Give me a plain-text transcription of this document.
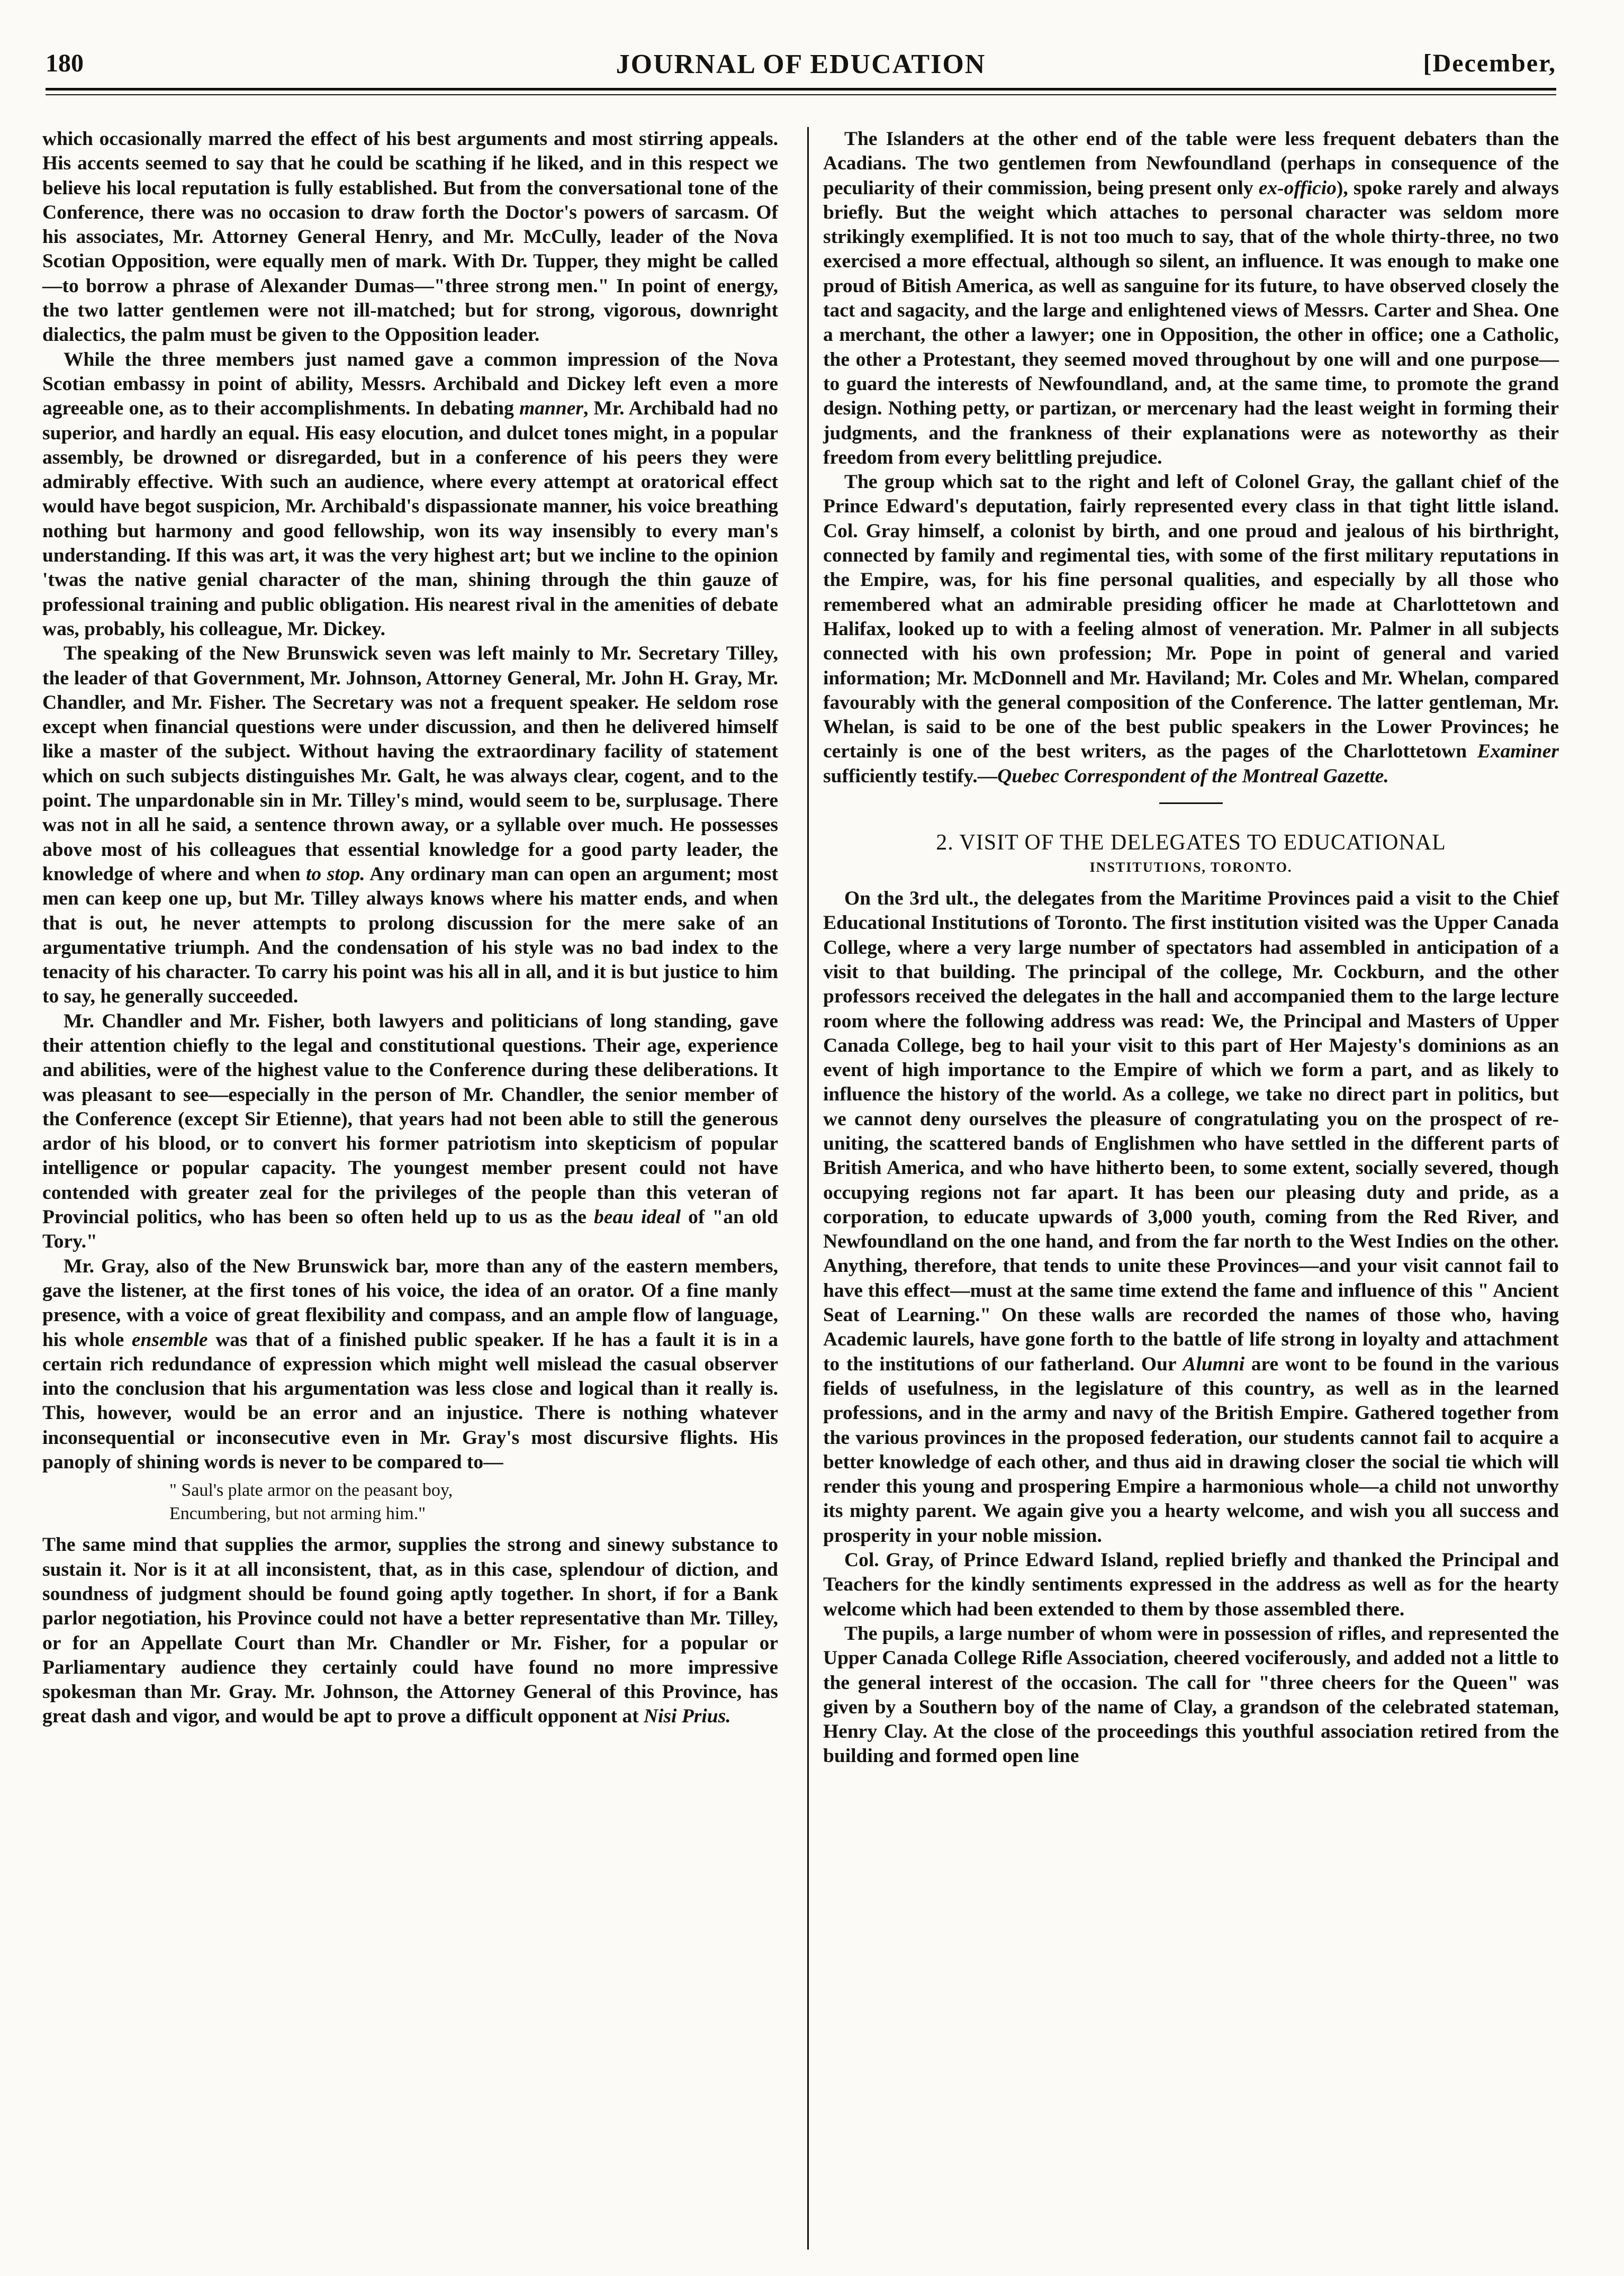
180	JOURNAL OF EDUCATION	[December,

which occasionally marred the effect of his best arguments and most stirring appeals. His accents seemed to say that he could be scathing if he liked, and in this respect we believe his local reputation is fully established. But from the conversational tone of the Conference, there was no occasion to draw forth the Doctor's powers of sarcasm. Of his associates, Mr. Attorney General Henry, and Mr. McCully, leader of the Nova Scotian Opposition, were equally men of mark. With Dr. Tupper, they might be called—to borrow a phrase of Alexander Dumas—"three strong men." In point of energy, the two latter gentlemen were not ill-matched; but for strong, vigorous, downright dialectics, the palm must be given to the Opposition leader.

While the three members just named gave a common impression of the Nova Scotian embassy in point of ability, Messrs. Archibald and Dickey left even a more agreeable one, as to their accomplishments. In debating manner, Mr. Archibald had no superior, and hardly an equal. His easy elocution, and dulcet tones might, in a popular assembly, be drowned or disregarded, but in a conference of his peers they were admirably effective. With such an audience, where every attempt at oratorical effect would have begot suspicion, Mr. Archibald's dispassionate manner, his voice breathing nothing but harmony and good fellowship, won its way insensibly to every man's understanding. If this was art, it was the very highest art; but we incline to the opinion 'twas the native genial character of the man, shining through the thin gauze of professional training and public obligation. His nearest rival in the amenities of debate was, probably, his colleague, Mr. Dickey.

The speaking of the New Brunswick seven was left mainly to Mr. Secretary Tilley, the leader of that Government, Mr. Johnson, Attorney General, Mr. John H. Gray, Mr. Chandler, and Mr. Fisher. The Secretary was not a frequent speaker. He seldom rose except when financial questions were under discussion, and then he delivered himself like a master of the subject. Without having the extraordinary facility of statement which on such subjects distinguishes Mr. Galt, he was always clear, cogent, and to the point. The unpardonable sin in Mr. Tilley's mind, would seem to be, surplusage. There was not in all he said, a sentence thrown away, or a syllable over much. He possesses above most of his colleagues that essential knowledge for a good party leader, the knowledge of where and when to stop. Any ordinary man can open an argument; most men can keep one up, but Mr. Tilley always knows where his matter ends, and when that is out, he never attempts to prolong discussion for the mere sake of an argumentative triumph. And the condensation of his style was no bad index to the tenacity of his character. To carry his point was his all in all, and it is but justice to him to say, he generally succeeded.

Mr. Chandler and Mr. Fisher, both lawyers and politicians of long standing, gave their attention chiefly to the legal and constitutional questions. Their age, experience and abilities, were of the highest value to the Conference during these deliberations. It was pleasant to see—especially in the person of Mr. Chandler, the senior member of the Conference (except Sir Etienne), that years had not been able to still the generous ardor of his blood, or to convert his former patriotism into skepticism of popular intelligence or popular capacity. The youngest member present could not have contended with greater zeal for the privileges of the people than this veteran of Provincial politics, who has been so often held up to us as the beau ideal of "an old Tory."

Mr. Gray, also of the New Brunswick bar, more than any of the eastern members, gave the listener, at the first tones of his voice, the idea of an orator. Of a fine manly presence, with a voice of great flexibility and compass, and an ample flow of language, his whole ensemble was that of a finished public speaker. If he has a fault it is in a certain rich redundance of expression which might well mislead the casual observer into the conclusion that his argumentation was less close and logical than it really is. This, however, would be an error and an injustice. There is nothing whatever inconsequential or inconsecutive even in Mr. Gray's most discursive flights. His panoply of shining words is never to be compared to—

" Saul's plate armor on the peasant boy,
Encumbering, but not arming him."

The same mind that supplies the armor, supplies the strong and sinewy substance to sustain it. Nor is it at all inconsistent, that, as in this case, splendour of diction, and soundness of judgment should be found going aptly together. In short, if for a Bank parlor negotiation, his Province could not have a better representative than Mr. Tilley, or for an Appellate Court than Mr. Chandler or Mr. Fisher, for a popular or Parliamentary audience they certainly could have found no more impressive spokesman than Mr. Gray. Mr. Johnson, the Attorney General of this Province, has great dash and vigor, and would be apt to prove a difficult opponent at Nisi Prius.

The Islanders at the other end of the table were less frequent debaters than the Acadians. The two gentlemen from Newfoundland (perhaps in consequence of the peculiarity of their commission, being present only ex-officio), spoke rarely and always briefly. But the weight which attaches to personal character was seldom more strikingly exemplified. It is not too much to say, that of the whole thirty-three, no two exercised a more effectual, although so silent, an influence. It was enough to make one proud of Bitish America, as well as sanguine for its future, to have observed closely the tact and sagacity, and the large and enlightened views of Messrs. Carter and Shea. One a merchant, the other a lawyer; one in Opposition, the other in office; one a Catholic, the other a Protestant, they seemed moved throughout by one will and one purpose—to guard the interests of Newfoundland, and, at the same time, to promote the grand design. Nothing petty, or partizan, or mercenary had the least weight in forming their judgments, and the frankness of their explanations were as noteworthy as their freedom from every belittling prejudice.

The group which sat to the right and left of Colonel Gray, the gallant chief of the Prince Edward's deputation, fairly represented every class in that tight little island. Col. Gray himself, a colonist by birth, and one proud and jealous of his birthright, connected by family and regimental ties, with some of the first military reputations in the Empire, was, for his fine personal qualities, and especially by all those who remembered what an admirable presiding officer he made at Charlottetown and Halifax, looked up to with a feeling almost of veneration. Mr. Palmer in all subjects connected with his own profession; Mr. Pope in point of general and varied information; Mr. McDonnell and Mr. Haviland; Mr. Coles and Mr. Whelan, compared favourably with the general composition of the Conference. The latter gentleman, Mr. Whelan, is said to be one of the best public speakers in the Lower Provinces; he certainly is one of the best writers, as the pages of the Charlottetown Examiner sufficiently testify.—Quebec Correspondent of the Montreal Gazette.

2. VISIT OF THE DELEGATES TO EDUCATIONAL
INSTITUTIONS, TORONTO.

On the 3rd ult., the delegates from the Maritime Provinces paid a visit to the Chief Educational Institutions of Toronto. The first institution visited was the Upper Canada College, where a very large number of spectators had assembled in anticipation of a visit to that building. The principal of the college, Mr. Cockburn, and the other professors received the delegates in the hall and accompanied them to the large lecture room where the following address was read: We, the Principal and Masters of Upper Canada College, beg to hail your visit to this part of Her Majesty's dominions as an event of high importance to the Empire of which we form a part, and as likely to influence the history of the world. As a college, we take no direct part in politics, but we cannot deny ourselves the pleasure of congratulating you on the prospect of re-uniting, the scattered bands of Englishmen who have settled in the different parts of British America, and who have hitherto been, to some extent, socially severed, though occupying regions not far apart. It has been our pleasing duty and pride, as a corporation, to educate upwards of 3,000 youth, coming from the Red River, and Newfoundland on the one hand, and from the far north to the West Indies on the other. Anything, therefore, that tends to unite these Provinces—and your visit cannot fail to have this effect—must at the same time extend the fame and influence of this " Ancient Seat of Learning." On these walls are recorded the names of those who, having Academic laurels, have gone forth to the battle of life strong in loyalty and attachment to the institutions of our fatherland. Our Alumni are wont to be found in the various fields of usefulness, in the legislature of this country, as well as in the learned professions, and in the army and navy of the British Empire. Gathered together from the various provinces in the proposed federation, our students cannot fail to acquire a better knowledge of each other, and thus aid in drawing closer the social tie which will render this young and prospering Empire a harmonious whole—a child not unworthy its mighty parent. We again give you a hearty welcome, and wish you all success and prosperity in your noble mission.

Col. Gray, of Prince Edward Island, replied briefly and thanked the Principal and Teachers for the kindly sentiments expressed in the address as well as for the hearty welcome which had been extended to them by those assembled there.

The pupils, a large number of whom were in possession of rifles, and represented the Upper Canada College Rifle Association, cheered vociferously, and added not a little to the general interest of the occasion. The call for "three cheers for the Queen" was given by a Southern boy of the name of Clay, a grandson of the celebrated stateman, Henry Clay. At the close of the proceedings this youthful association retired from the building and formed open line
